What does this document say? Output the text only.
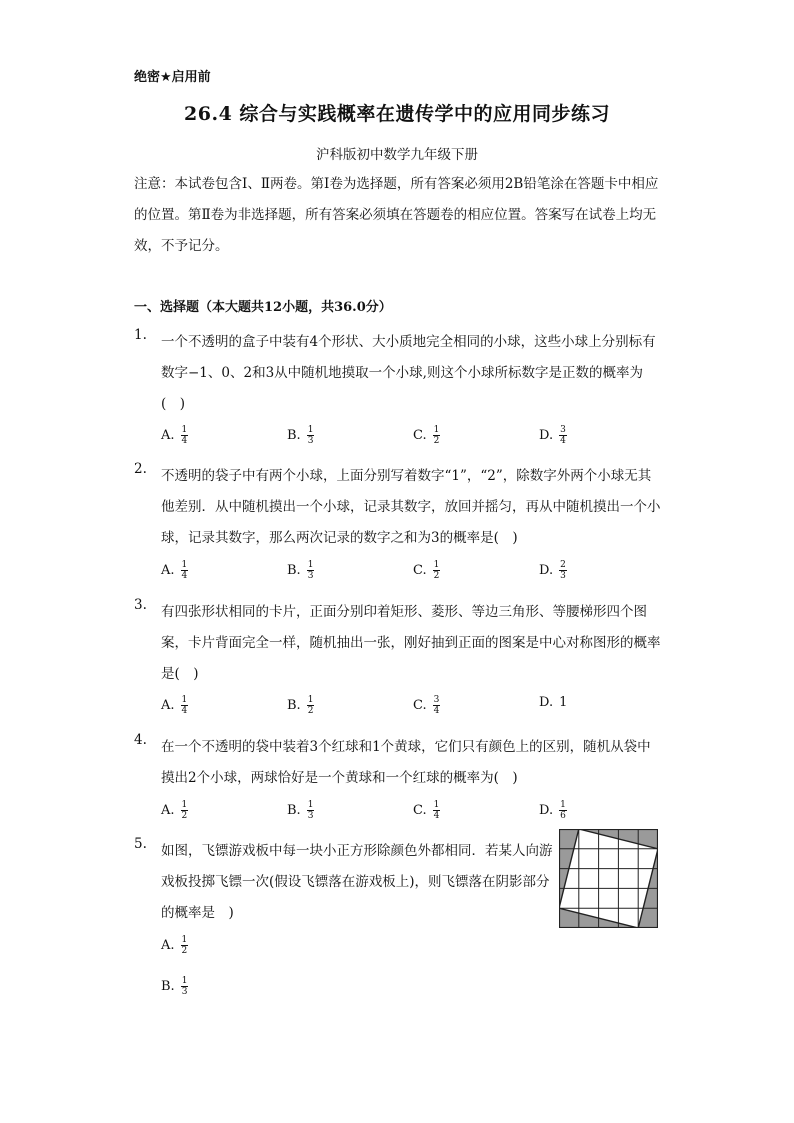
绝密★启用前
26.4 综合与实践概率在遗传学中的应用同步练习
沪科版初中数学九年级下册
注意：本试卷包含Ⅰ、Ⅱ两卷。第Ⅰ卷为选择题，所有答案必须用2B铅笔涂在答题卡中相应的位置。第Ⅱ卷为非选择题，所有答案必须填在答题卷的相应位置。答案写在试卷上均无效，不予记分。
一、选择题（本大题共12小题，共36.0分）
1. 一个不透明的盒子中装有4个形状、大小质地完全相同的小球，这些小球上分别标有数字−1、0、2和3从中随机地摸取一个小球,则这个小球所标数字是正数的概率为(　)
A. $\frac{1}{4}$	B. $\frac{1}{3}$	C. $\frac{1}{2}$	D. $\frac{3}{4}$
2. 不透明的袋子中有两个小球，上面分别写着数字“1”，“2”，除数字外两个小球无其他差别．从中随机摸出一个小球，记录其数字，放回并摇匀，再从中随机摸出一个小球，记录其数字，那么两次记录的数字之和为3的概率是(　)
A. $\frac{1}{4}$	B. $\frac{1}{3}$	C. $\frac{1}{2}$	D. $\frac{2}{3}$
3. 有四张形状相同的卡片，正面分别印着矩形、菱形、等边三角形、等腰梯形四个图案，卡片背面完全一样，随机抽出一张，刚好抽到正面的图案是中心对称图形的概率是(　)
A. $\frac{1}{4}$	B. $\frac{1}{2}$	C. $\frac{3}{4}$	D. 1
4. 在一个不透明的袋中装着3个红球和1个黄球，它们只有颜色上的区别，随机从袋中摸出2个小球，两球恰好是一个黄球和一个红球的概率为(　)
A. $\frac{1}{2}$	B. $\frac{1}{3}$	C. $\frac{1}{4}$	D. $\frac{1}{6}$
5. 如图，飞镖游戏板中每一块小正方形除颜色外都相同．若某人向游戏板投掷飞镖一次(假设飞镖落在游戏板上)，则飞镖落在阴影部分的概率是　)
A. $\frac{1}{2}$
B. $\frac{1}{3}$
